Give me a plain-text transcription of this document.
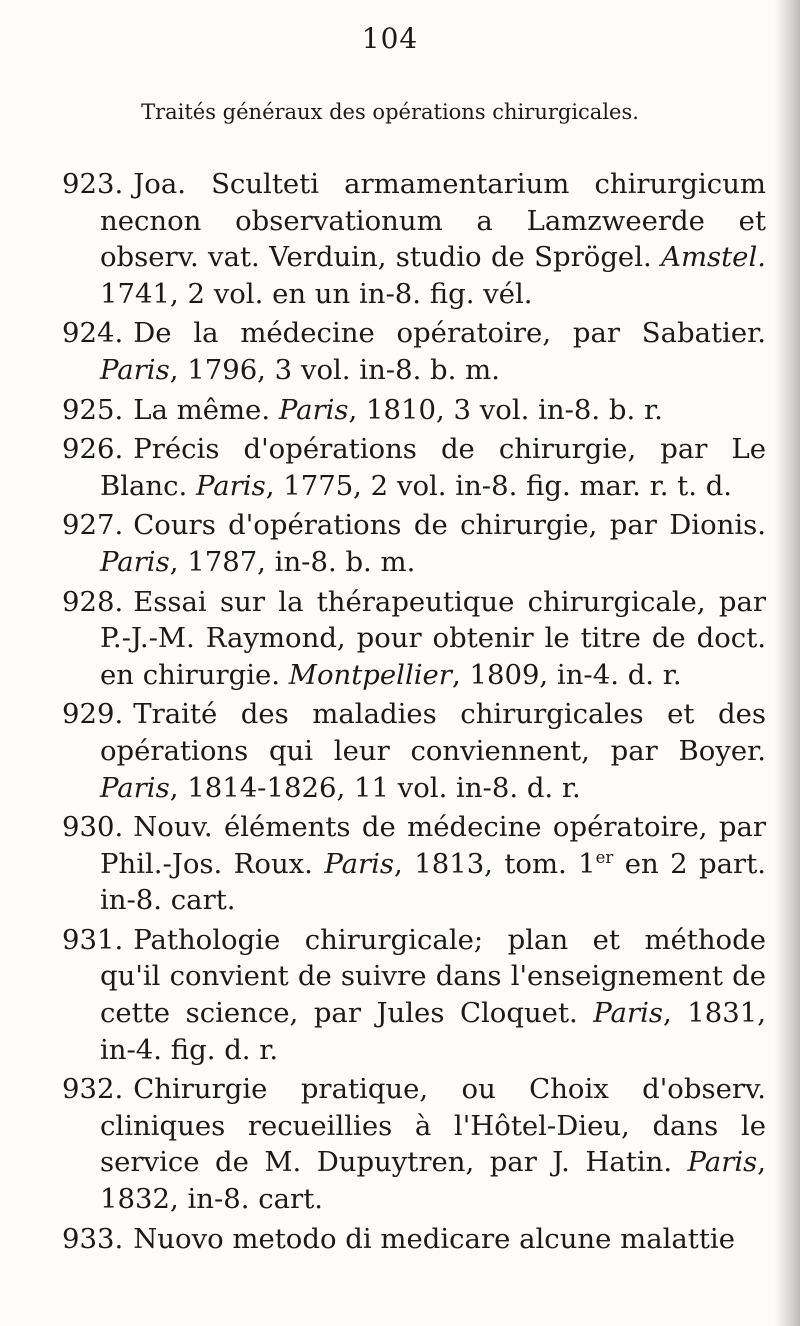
104
Traités généraux des opérations chirurgicales.

923. Joa. Sculteti armamentarium chirurgicum necnon observationum a Lamzweerde et observ. vat. Verduin, studio de Sprögel. Amstel. 1741, 2 vol. en un in-8. fig. vél.

924. De la médecine opératoire, par Sabatier. Paris, 1796, 3 vol. in-8. b. m.

925. La même. Paris, 1810, 3 vol. in-8. b. r.

926. Précis d'opérations de chirurgie, par Le Blanc. Paris, 1775, 2 vol. in-8. fig. mar. r. t. d.

927. Cours d'opérations de chirurgie, par Dionis. Paris, 1787, in-8. b. m.

928. Essai sur la thérapeutique chirurgicale, par P.-J.-M. Raymond, pour obtenir le titre de doct. en chirurgie. Montpellier, 1809, in-4. d. r.

929. Traité des maladies chirurgicales et des opérations qui leur conviennent, par Boyer. Paris, 1814-1826, 11 vol. in-8. d. r.

930. Nouv. éléments de médecine opératoire, par Phil.-Jos. Roux. Paris, 1813, tom. 1er en 2 part. in-8. cart.

931. Pathologie chirurgicale; plan et méthode qu'il convient de suivre dans l'enseignement de cette science, par Jules Cloquet. Paris, 1831, in-4. fig. d. r.

932. Chirurgie pratique, ou Choix d'observ. cliniques recueillies à l'Hôtel-Dieu, dans le service de M. Dupuytren, par J. Hatin. Paris, 1832, in-8. cart.

933. Nuovo metodo di medicare alcune malattie
